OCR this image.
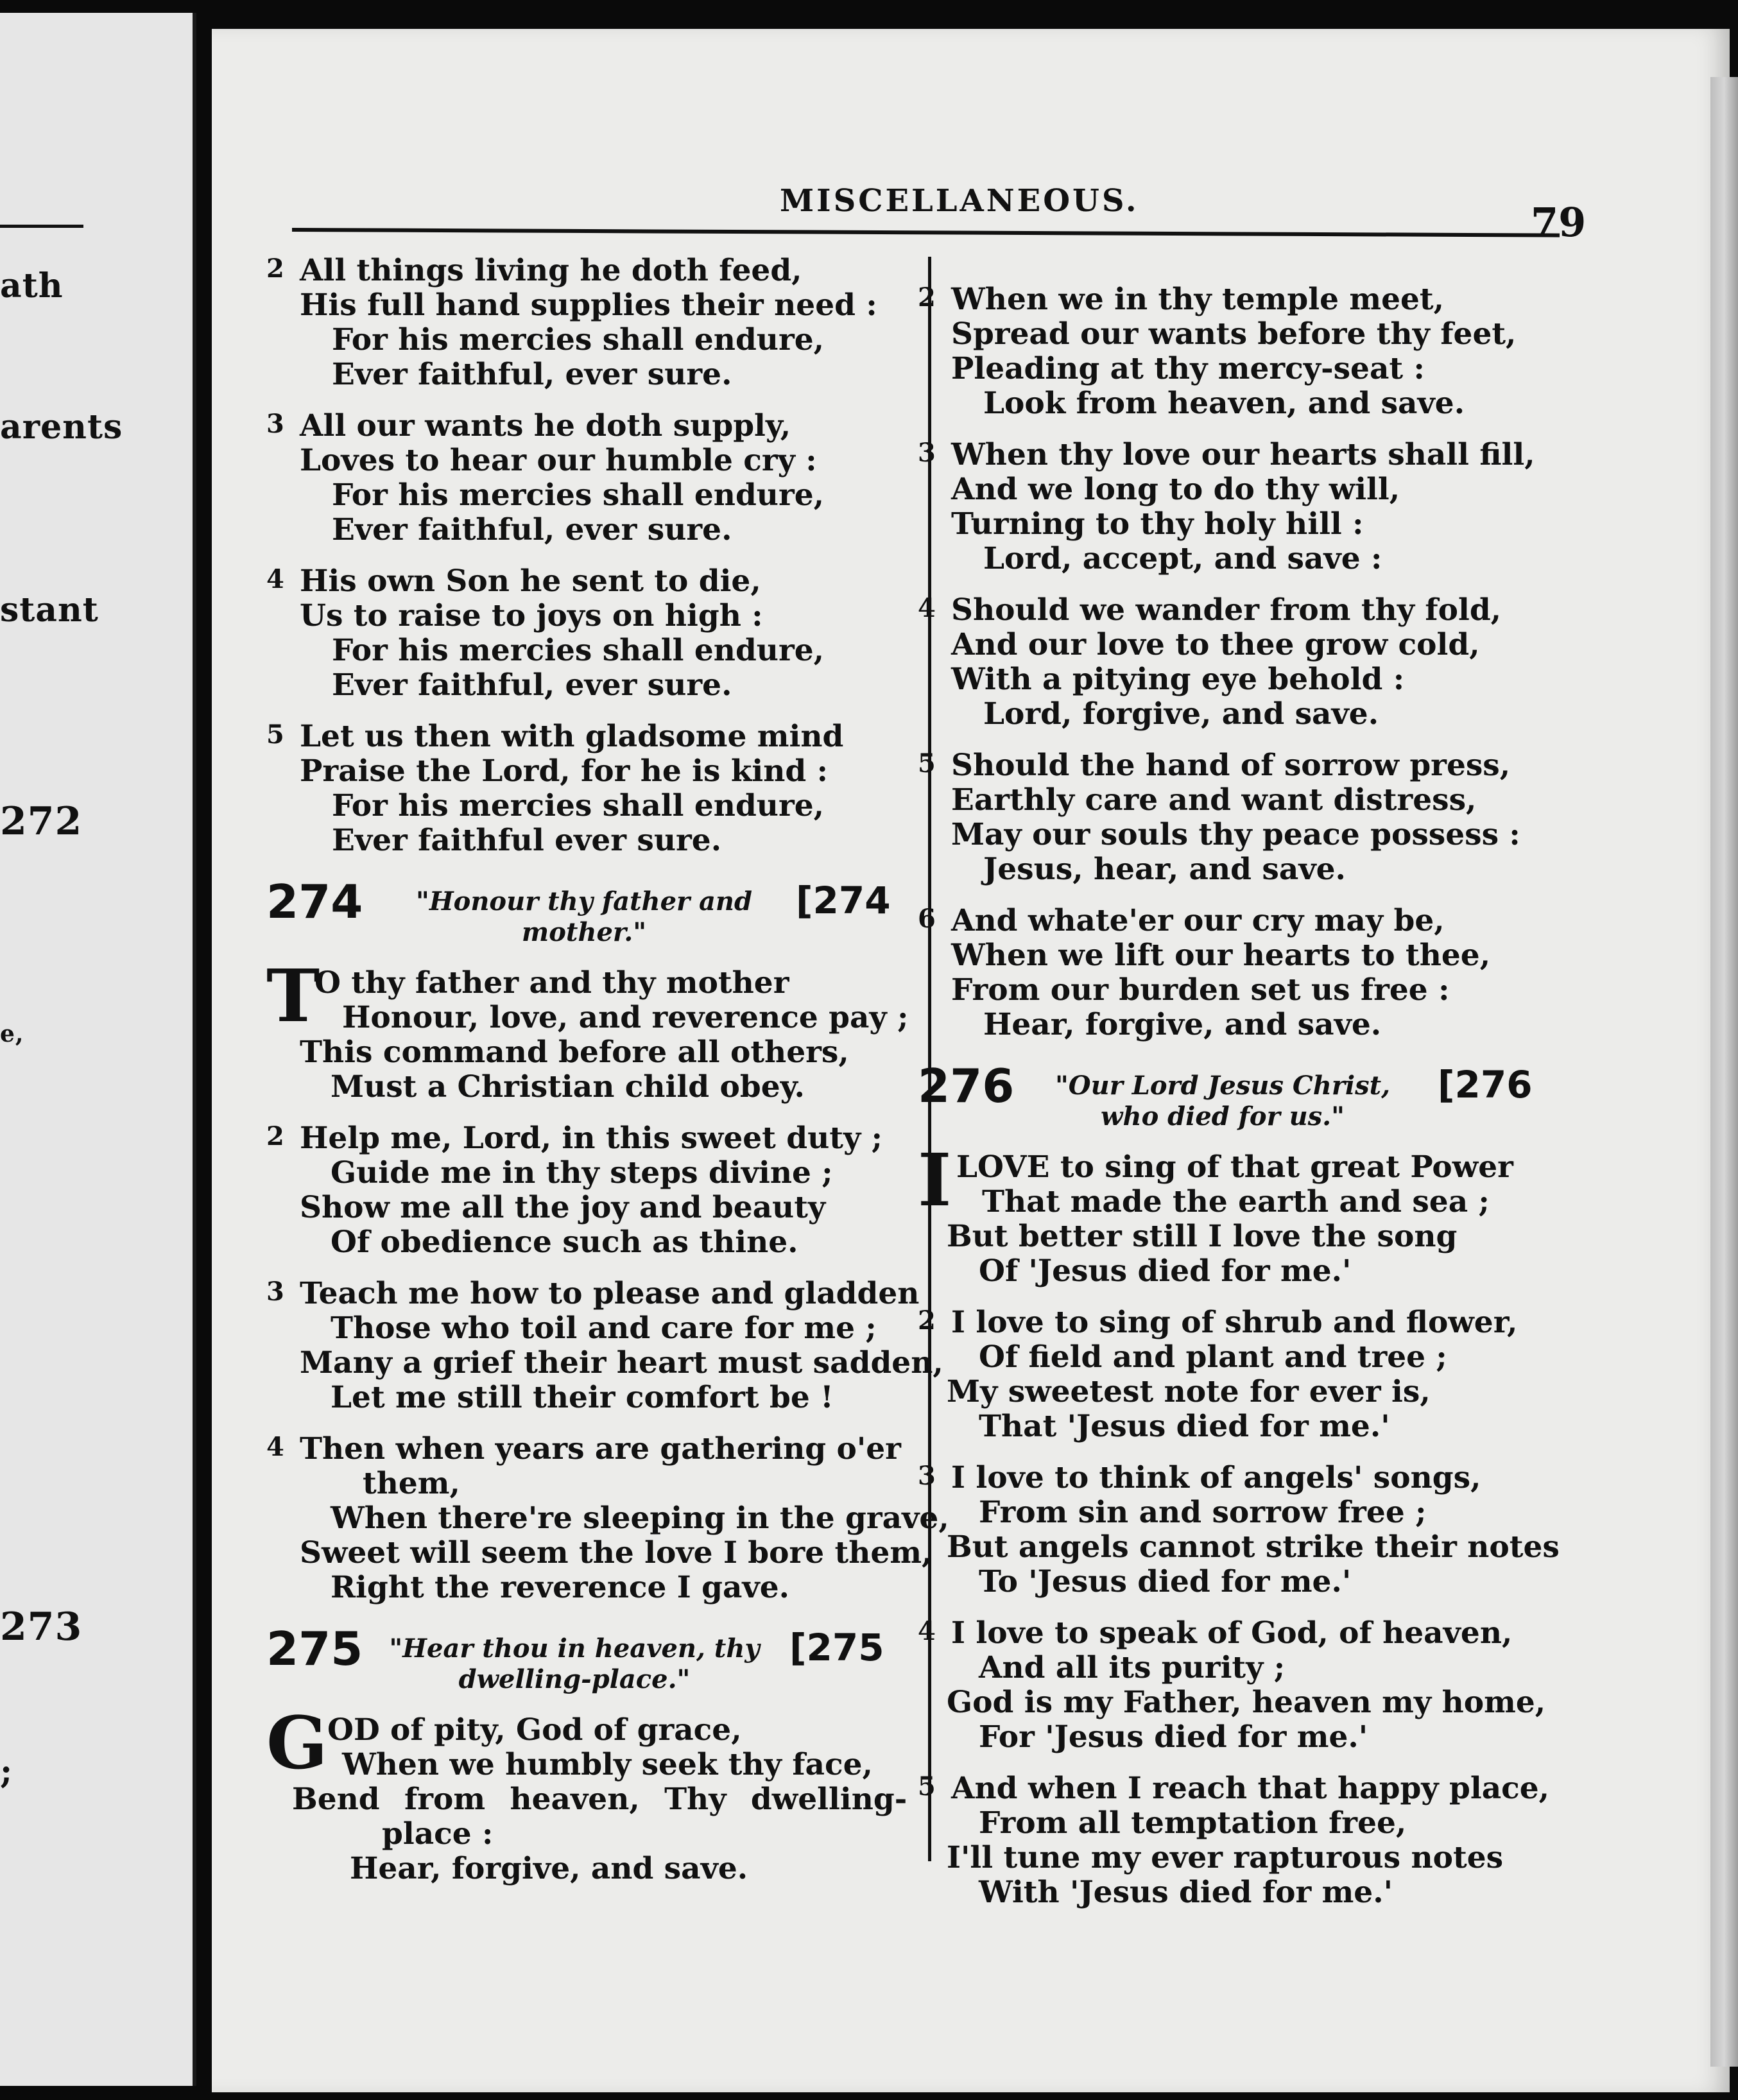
ath
arents
stant
272
e,
273
;
MISCELLANEOUS.	79
2 All things living he doth feed,
His full hand supplies their need :
For his mercies shall endure,
Ever faithful, ever sure.
3 All our wants he doth supply,
Loves to hear our humble cry :
For his mercies shall endure,
Ever faithful, ever sure.
4 His own Son he sent to die,
Us to raise to joys on high :
For his mercies shall endure,
Ever faithful, ever sure.
5 Let us then with gladsome mind
Praise the Lord, for he is kind :
For his mercies shall endure,
Ever faithful ever sure.
274	"Honour thy father and mother."
[274
T
O thy father and thy mother
Honour, love, and reverence pay ;
This command before all others,
Must a Christian child obey.
2 Help me, Lord, in this sweet duty ;
Guide me in thy steps divine ;
Show me all the joy and beauty
Of obedience such as thine.
3 Teach me how to please and gladden
Those who toil and care for me ;
Many a grief their heart must sadden,
Let me still their comfort be !
4 Then when years are gathering o'er
them,
When there're sleeping in the grave,
Sweet will seem the love I bore them,
Right the reverence I gave.
275	"Hear thou in heaven, thy dwelling-place."
[275
G OD of pity, God of grace,
When we humbly seek thy face,
Bend from heaven, Thy dwelling-
place :
Hear, forgive, and save.
2 When we in thy temple meet,
Spread our wants before thy feet,
Pleading at thy mercy-seat :
Look from heaven, and save.
3 When thy love our hearts shall fill,
And we long to do thy will,
Turning to thy holy hill :
Lord, accept, and save :
4 Should we wander from thy fold,
And our love to thee grow cold,
With a pitying eye behold :
Lord, forgive, and save.
5 Should the hand of sorrow press,
Earthly care and want distress,
May our souls thy peace possess :
Jesus, hear, and save.
6 And whate'er our cry may be,
When we lift our hearts to thee,
From our burden set us free :
Hear, forgive, and save.
276	"Our Lord Jesus Christ, who died for us."
[276
I LOVE to sing of that great Power
That made the earth and sea ;
But better still I love the song
Of 'Jesus died for me.'
2 I love to sing of shrub and flower,
Of field and plant and tree ;
My sweetest note for ever is,
That 'Jesus died for me.'
3 I love to think of angels' songs,
From sin and sorrow free ;
But angels cannot strike their notes
To 'Jesus died for me.'
4 I love to speak of God, of heaven,
And all its purity ;
God is my Father, heaven my home,
For 'Jesus died for me.'
5 And when I reach that happy place,
From all temptation free,
I'll tune my ever rapturous notes
With 'Jesus died for me.'
